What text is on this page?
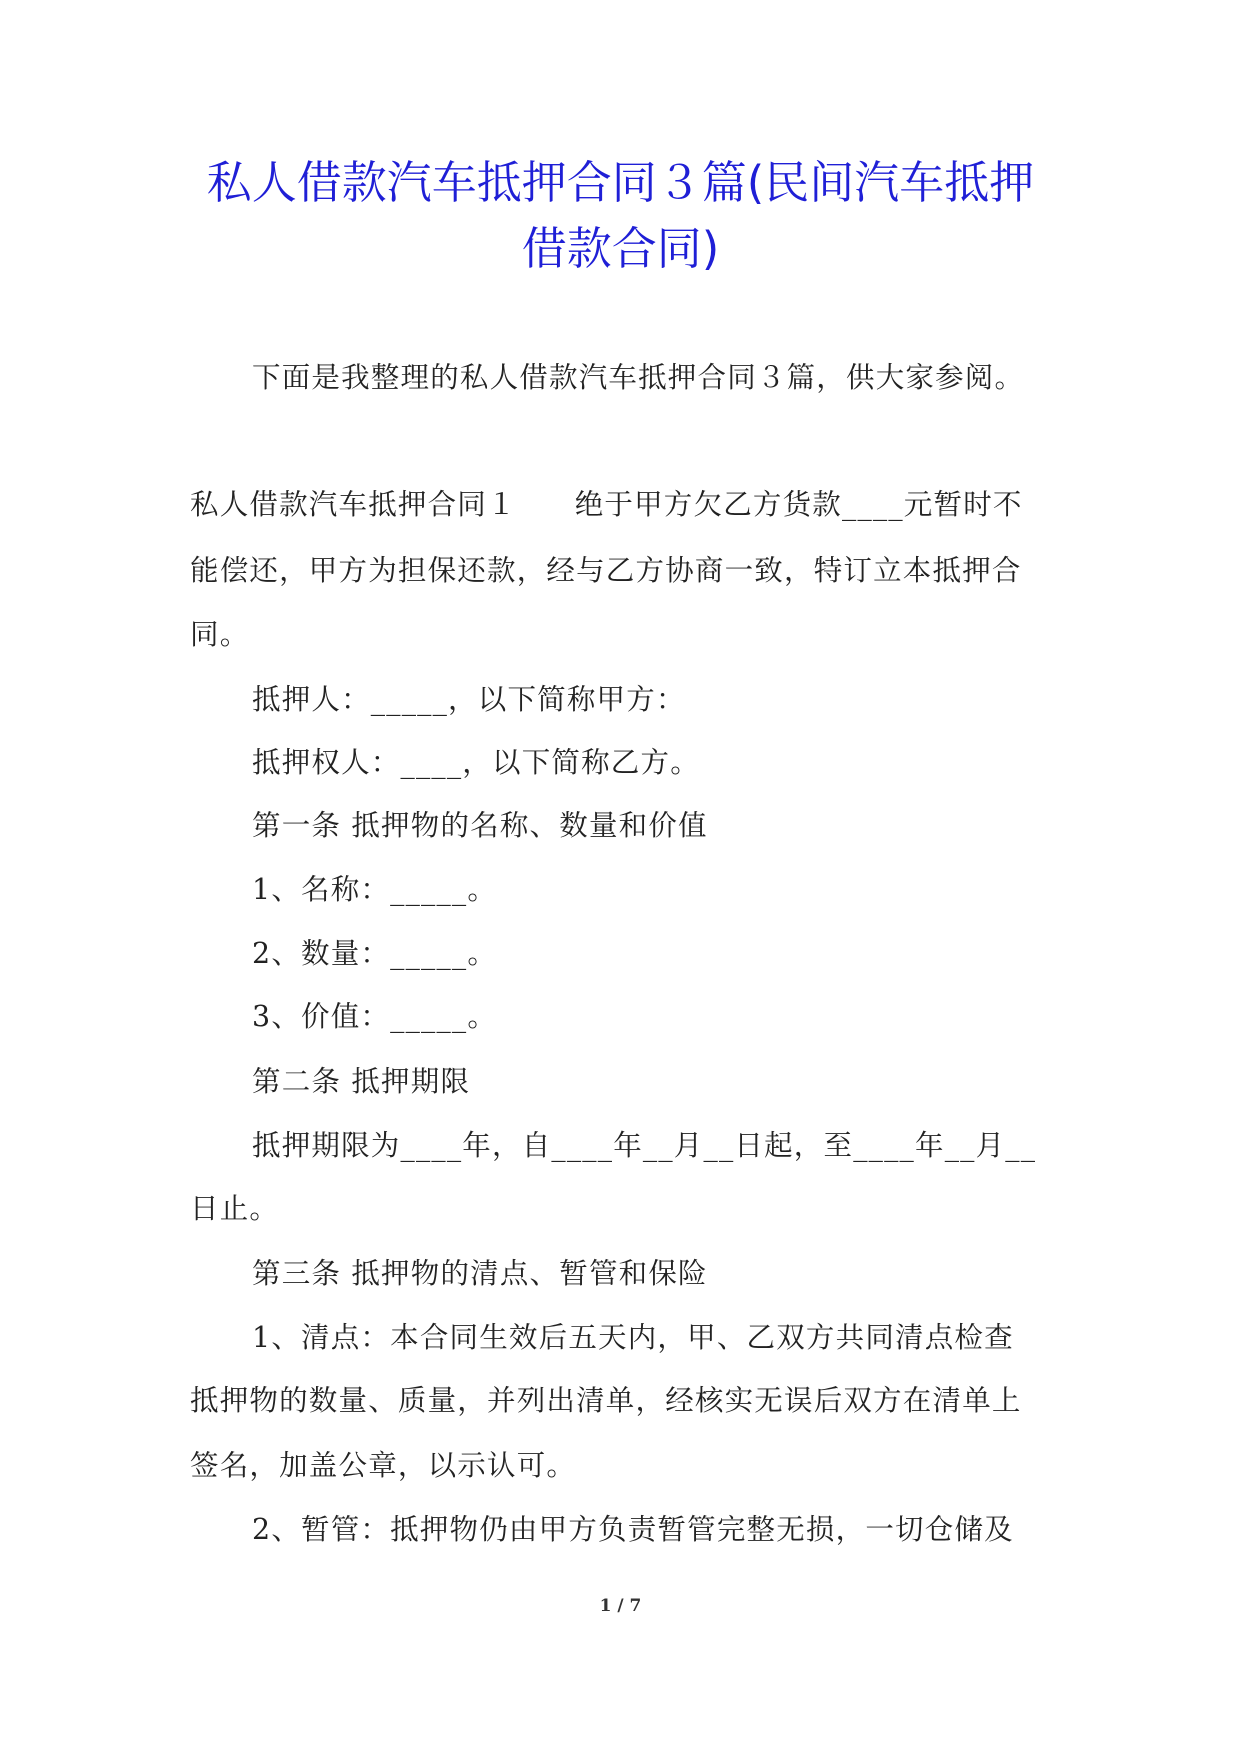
私人借款汽车抵押合同３篇(民间汽车抵押
借款合同)

下面是我整理的私人借款汽车抵押合同３篇，供大家参阅。

私人借款汽车抵押合同１ 绝于甲方欠乙方货款____元暂时不

能偿还，甲方为担保还款，经与乙方协商一致，特订立本抵押合

同。

抵押人：_____，以下简称甲方：

抵押权人：____，以下简称乙方。

第一条 抵押物的名称、数量和价值

1、名称：_____。

2、数量：_____。

3、价值：_____。

第二条 抵押期限

抵押期限为____年，自____年__月__日起，至____年__月__

日止。

第三条 抵押物的清点、暂管和保险

1、清点：本合同生效后五天内，甲、乙双方共同清点检查

抵押物的数量、质量，并列出清单，经核实无误后双方在清单上

签名，加盖公章，以示认可。

2、暂管：抵押物仍由甲方负责暂管完整无损，一切仓储及

1 / 7
